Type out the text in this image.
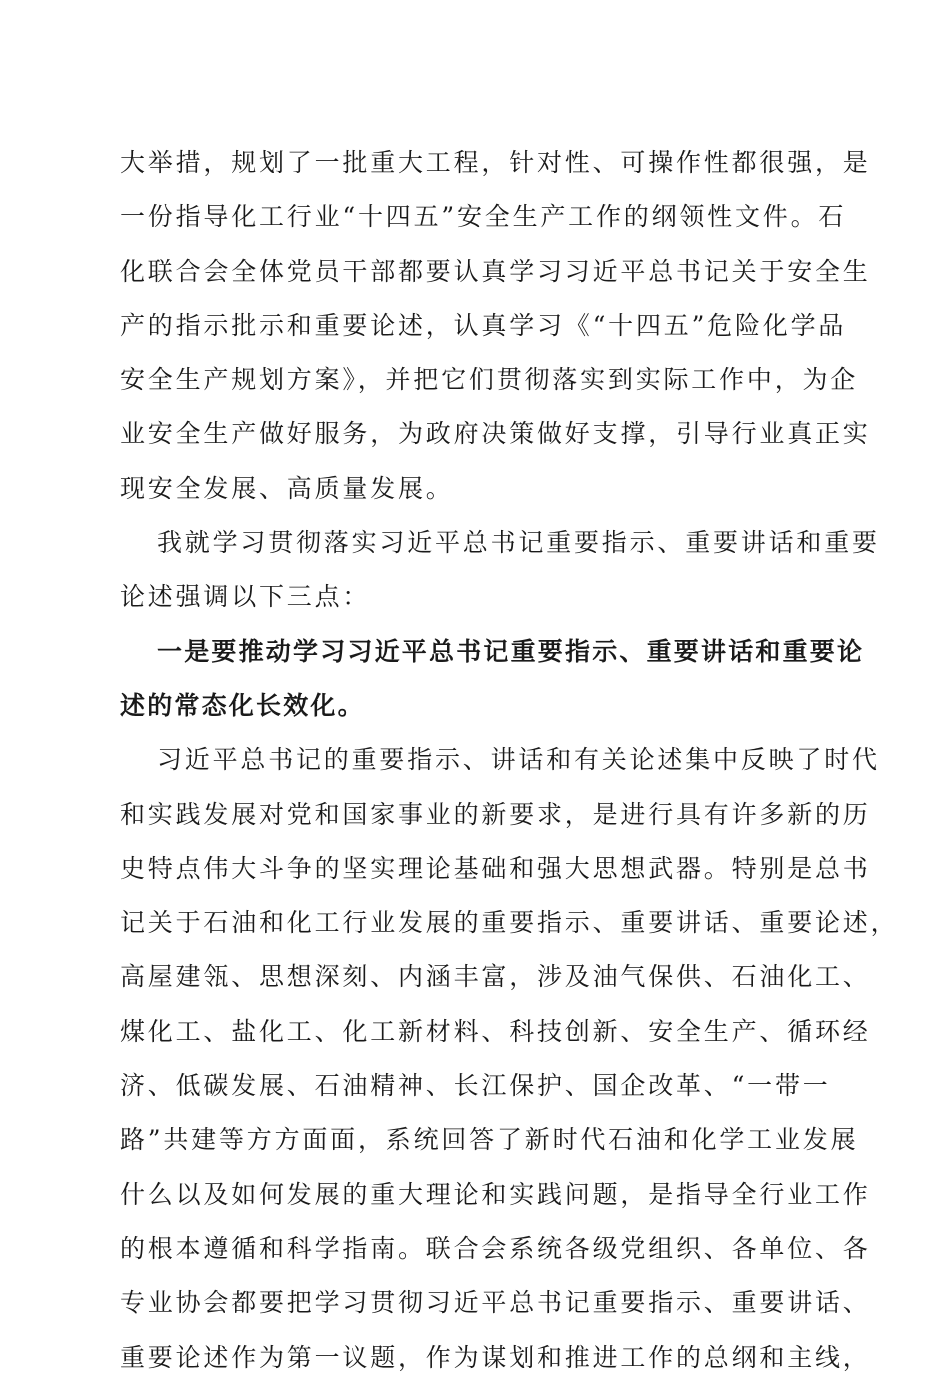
大举措，规划了一批重大工程，针对性、可操作性都很强，是
一份指导化工行业“十四五”安全生产工作的纲领性文件。石
化联合会全体党员干部都要认真学习习近平总书记关于安全生
产的指示批示和重要论述，认真学习《“十四五”危险化学品
安全生产规划方案》，并把它们贯彻落实到实际工作中，为企
业安全生产做好服务，为政府决策做好支撑，引导行业真正实
现安全发展、高质量发展。
我就学习贯彻落实习近平总书记重要指示、重要讲话和重要
论述强调以下三点：
一是要推动学习习近平总书记重要指示、重要讲话和重要论
述的常态化长效化。
习近平总书记的重要指示、讲话和有关论述集中反映了时代
和实践发展对党和国家事业的新要求，是进行具有许多新的历
史特点伟大斗争的坚实理论基础和强大思想武器。特别是总书
记关于石油和化工行业发展的重要指示、重要讲话、重要论述，
高屋建瓴、思想深刻、内涵丰富，涉及油气保供、石油化工、
煤化工、盐化工、化工新材料、科技创新、安全生产、循环经
济、低碳发展、石油精神、长江保护、国企改革、“一带一
路”共建等方方面面，系统回答了新时代石油和化学工业发展
什么以及如何发展的重大理论和实践问题，是指导全行业工作
的根本遵循和科学指南。联合会系统各级党组织、各单位、各
专业协会都要把学习贯彻习近平总书记重要指示、重要讲话、
重要论述作为第一议题，作为谋划和推进工作的总纲和主线，
